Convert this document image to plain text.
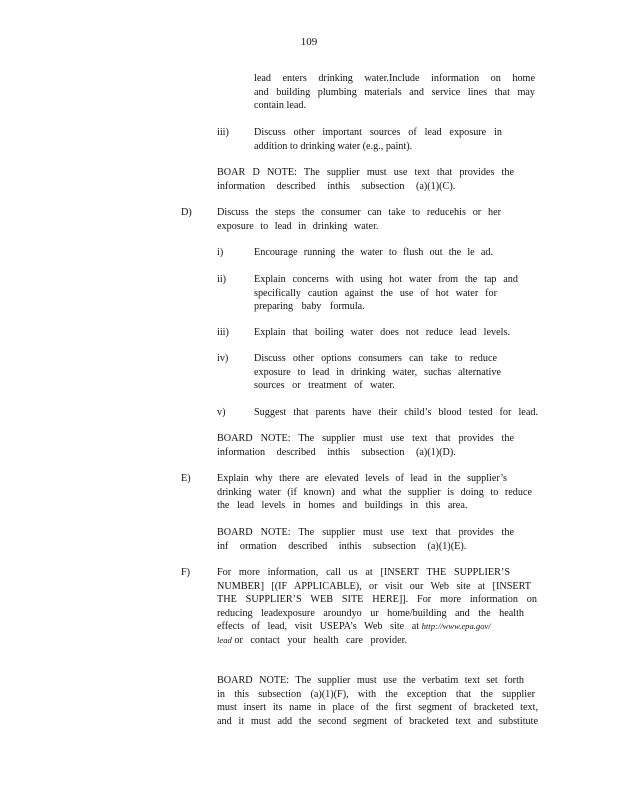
109
lead enters drinking water.Include information on home
and building plumbing materials and service lines that may
contain lead.
iii) Discuss other important sources of lead exposure in
addition to drinking water (e.g., paint).
BOAR D NOTE: The supplier must use text that provides the
information described inthis subsection (a)(1)(C).
D) Discuss the steps the consumer can take to reducehis or her
exposure to lead in drinking water.
i)	Encourage running the water to flush out the le ad.
ii)	Explain concerns with using hot water from the tap and
specifically caution against the use of hot water for
preparing baby formula.
iii) Explain that boiling water does not reduce lead levels.
iv)	Discuss other options consumers can take to reduce
exposure to lead in drinking water, suchas alternative
sources or treatment of water.
v)	Suggest that parents have their child’s blood tested for lead.
BOARD NOTE: The supplier must use text that provides the
information described inthis subsection (a)(1)(D).
E)	Explain why there are elevated levels of lead in the supplier’s
drinking water (if known) and what the supplier is doing to reduce
the lead levels in homes and buildings in this area.
BOARD NOTE: The supplier must use text that provides the
inf ormation described inthis subsection (a)(1)(E).
F)	For more information, call us at [INSERT THE SUPPLIER’S
NUMBER] [(IF APPLICABLE), or visit our Web site at [INSERT
THE SUPPLIER’S WEB SITE HERE]]. For more information on
reducing leadexposure aroundyo ur home/building and the health
effects of lead, visit USEPA’s Web site at http://www.epa.gov/
lead or contact your health care provider.
BOARD NOTE: The supplier must use the verbatim text set forth
in this subsection (a)(1)(F), with the exception that the supplier
must insert its name in place of the first segment of bracketed text,
and it must add the second segment of bracketed text and substitute
